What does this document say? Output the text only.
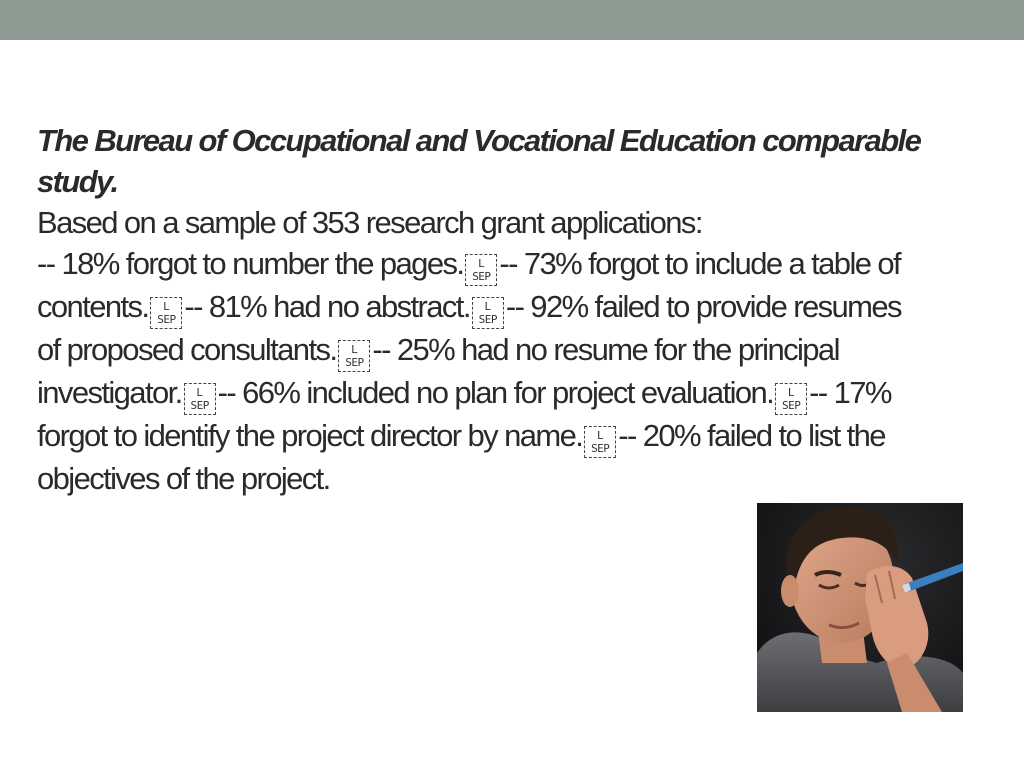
The Bureau of Occupational and Vocational Education comparable study.

Based on a sample of 353 research grant applications:

-- 18% forgot to number the pages.	L
SEP -- 73% forgot to include a table of contents.	L
SEP -- 81% had no abstract.	L
SEP -- 92% failed to provide resumes of proposed consultants.	L
SEP -- 25% had no resume for the principal investigator.	L
SEP -- 66% included no plan for project evaluation.	L
SEP -- 17% forgot to identify the project director by name.	L
SEP -- 20% failed to list the objectives of the project.
